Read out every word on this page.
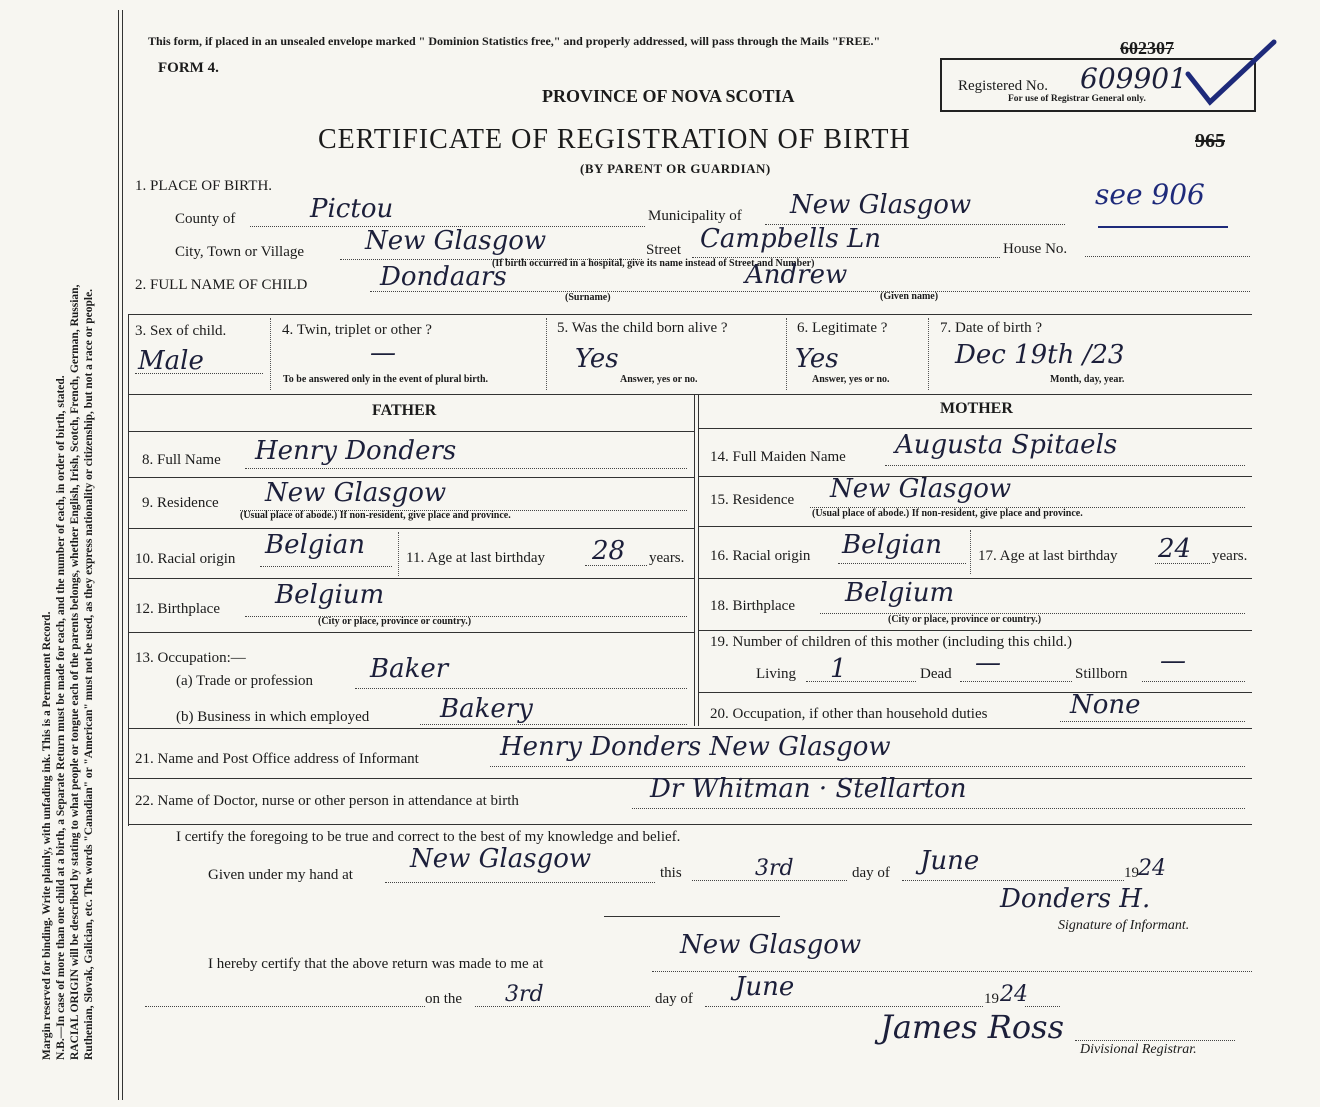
Margin reserved for binding. Write plainly, with unfading ink. This is a Permanent Record. N.B.—In case of more than one child at a birth, a Separate Return must be made for each, and the number of each, in order of birth, stated. RACIAL ORIGIN will be described by stating to what people or tongue each of the parents belongs, whether English, Irish, Scotch, French, German, Russian, Ruthenian, Slovak, Galician, etc. The words "Canadian" or "American" must not be used, as they express nationality or citizenship, but not a race or people.
This form, if placed in an unsealed envelope marked " Dominion Statistics free," and properly addressed, will pass through the Mails "FREE."
FORM 4.
PROVINCE OF NOVA SCOTIA
CERTIFICATE OF REGISTRATION OF BIRTH
(BY PARENT OR GUARDIAN)
Registered No. 609901
602307
For use of Registrar General only.
965
see 906
1. PLACE OF BIRTH.
County of	Pictou	Municipality of New Glasgow
City, Town or Village New Glasgow	Street Campbells Ln	House No.
(If birth occurred in a hospital, give its name instead of Street and Number)
2. FULL NAME OF CHILD	Dondaars
(Surname)
Andrew
(Given name)
3. Sex of child.
Male
4. Twin, triplet or other ?
—
To be answered only in the event of plural birth.
5. Was the child born alive ?
Yes
Answer, yes or no.
6. Legitimate ?
Yes
Answer, yes or no.
7. Date of birth ?
Dec 19th /23
Month, day, year.
FATHER	MOTHER
8. Full Name Henry Donders
9. Residence New Glasgow
(Usual place of abode.) If non-resident, give place and province.
10. Racial origin Belgian	11. Age at last birthday 28 years.
12. Birthplace Belgium
(City or place, province or country.)
13. Occupation:—
(a) Trade or profession Baker
(b) Business in which employed	Bakery
14. Full Maiden Name Augusta Spitaels
15. Residence New Glasgow
(Usual place of abode.) If non-resident, give place and province.
16. Racial origin Belgian 17. Age at last birthday 24 years.
18. Birthplace Belgium
(City or place, province or country.)
19. Number of children of this mother (including this child.)
Living 1	Dead —	Stillborn —
20. Occupation, if other than household duties	None
21. Name and Post Office address of Informant	Henry Donders New Glasgow
22. Name of Doctor, nurse or other person in attendance at birth	Dr Whitman · Stellarton
I certify the foregoing to be true and correct to the best of my knowledge and belief.
Given under my hand at
New Glasgow	this	3rd	day of June	19 24
Donders H.
Signature of Informant.
I hereby certify that the above return was made to me at
New Glasgow
on the 3rd	day of June	19 24
James Ross
Divisional Registrar.
